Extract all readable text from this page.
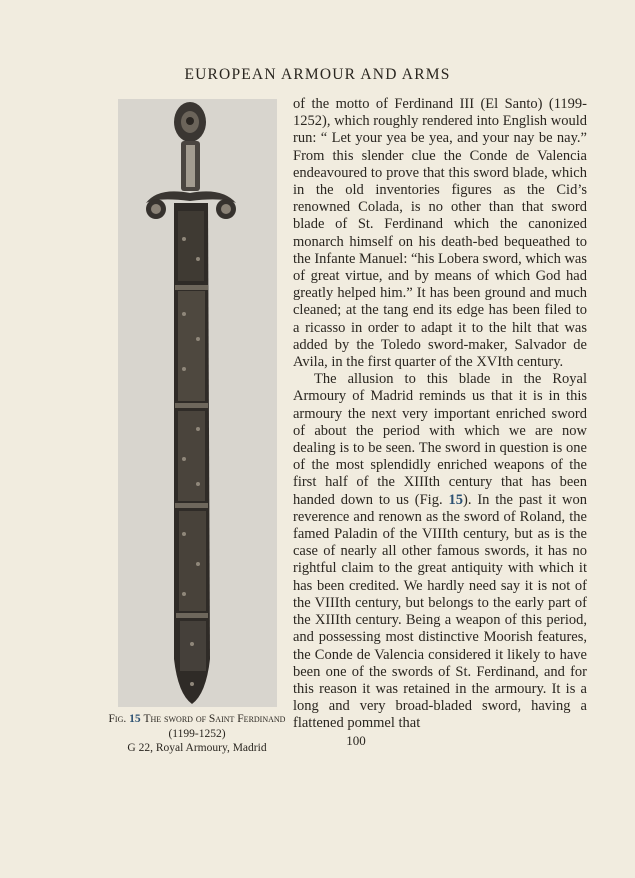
EUROPEAN ARMOUR AND ARMS
Fig. 15 The sword of Saint Ferdinand (1199-1252)
G 22, Royal Armoury, Madrid

of the motto of Ferdinand III (El Santo) (1199-1252), which roughly rendered into English would run: “ Let your yea be yea, and your nay be nay.” From this slender clue the Conde de Valencia endeavoured to prove that this sword blade, which in the old inventories figures as the Cid’s renowned Colada, is no other than that sword blade of St. Ferdinand which the canonized monarch himself on his death-bed bequeathed to the Infante Manuel: “his Lobera sword, which was of great virtue, and by means of which God had greatly helped him.” It has been ground and much cleaned; at the tang end its edge has been filed to a ricasso in order to adapt it to the hilt that was added by the Toledo sword-maker, Salvador de Avila, in the first quarter of the XVIth century.

The allusion to this blade in the Royal Armoury of Madrid reminds us that it is in this armoury the next very important enriched sword of about the period with which we are now dealing is to be seen. The sword in question is one of the most splendidly enriched weapons of the first half of the XIIIth century that has been handed down to us (Fig. 15). In the past it won reverence and renown as the sword of Roland, the famed Paladin of the VIIIth century, but as is the case of nearly all other famous swords, it has no rightful claim to the great antiquity with which it has been credited. We hardly need say it is not of the VIIIth century, but belongs to the early part of the XIIIth century. Being a weapon of this period, and possessing most distinctive Moorish features, the Conde de Valencia considered it likely to have been one of the swords of St. Ferdinand, and for this reason it was retained in the armoury. It is a long and very broad-bladed sword, having a flattened pommel that

100
